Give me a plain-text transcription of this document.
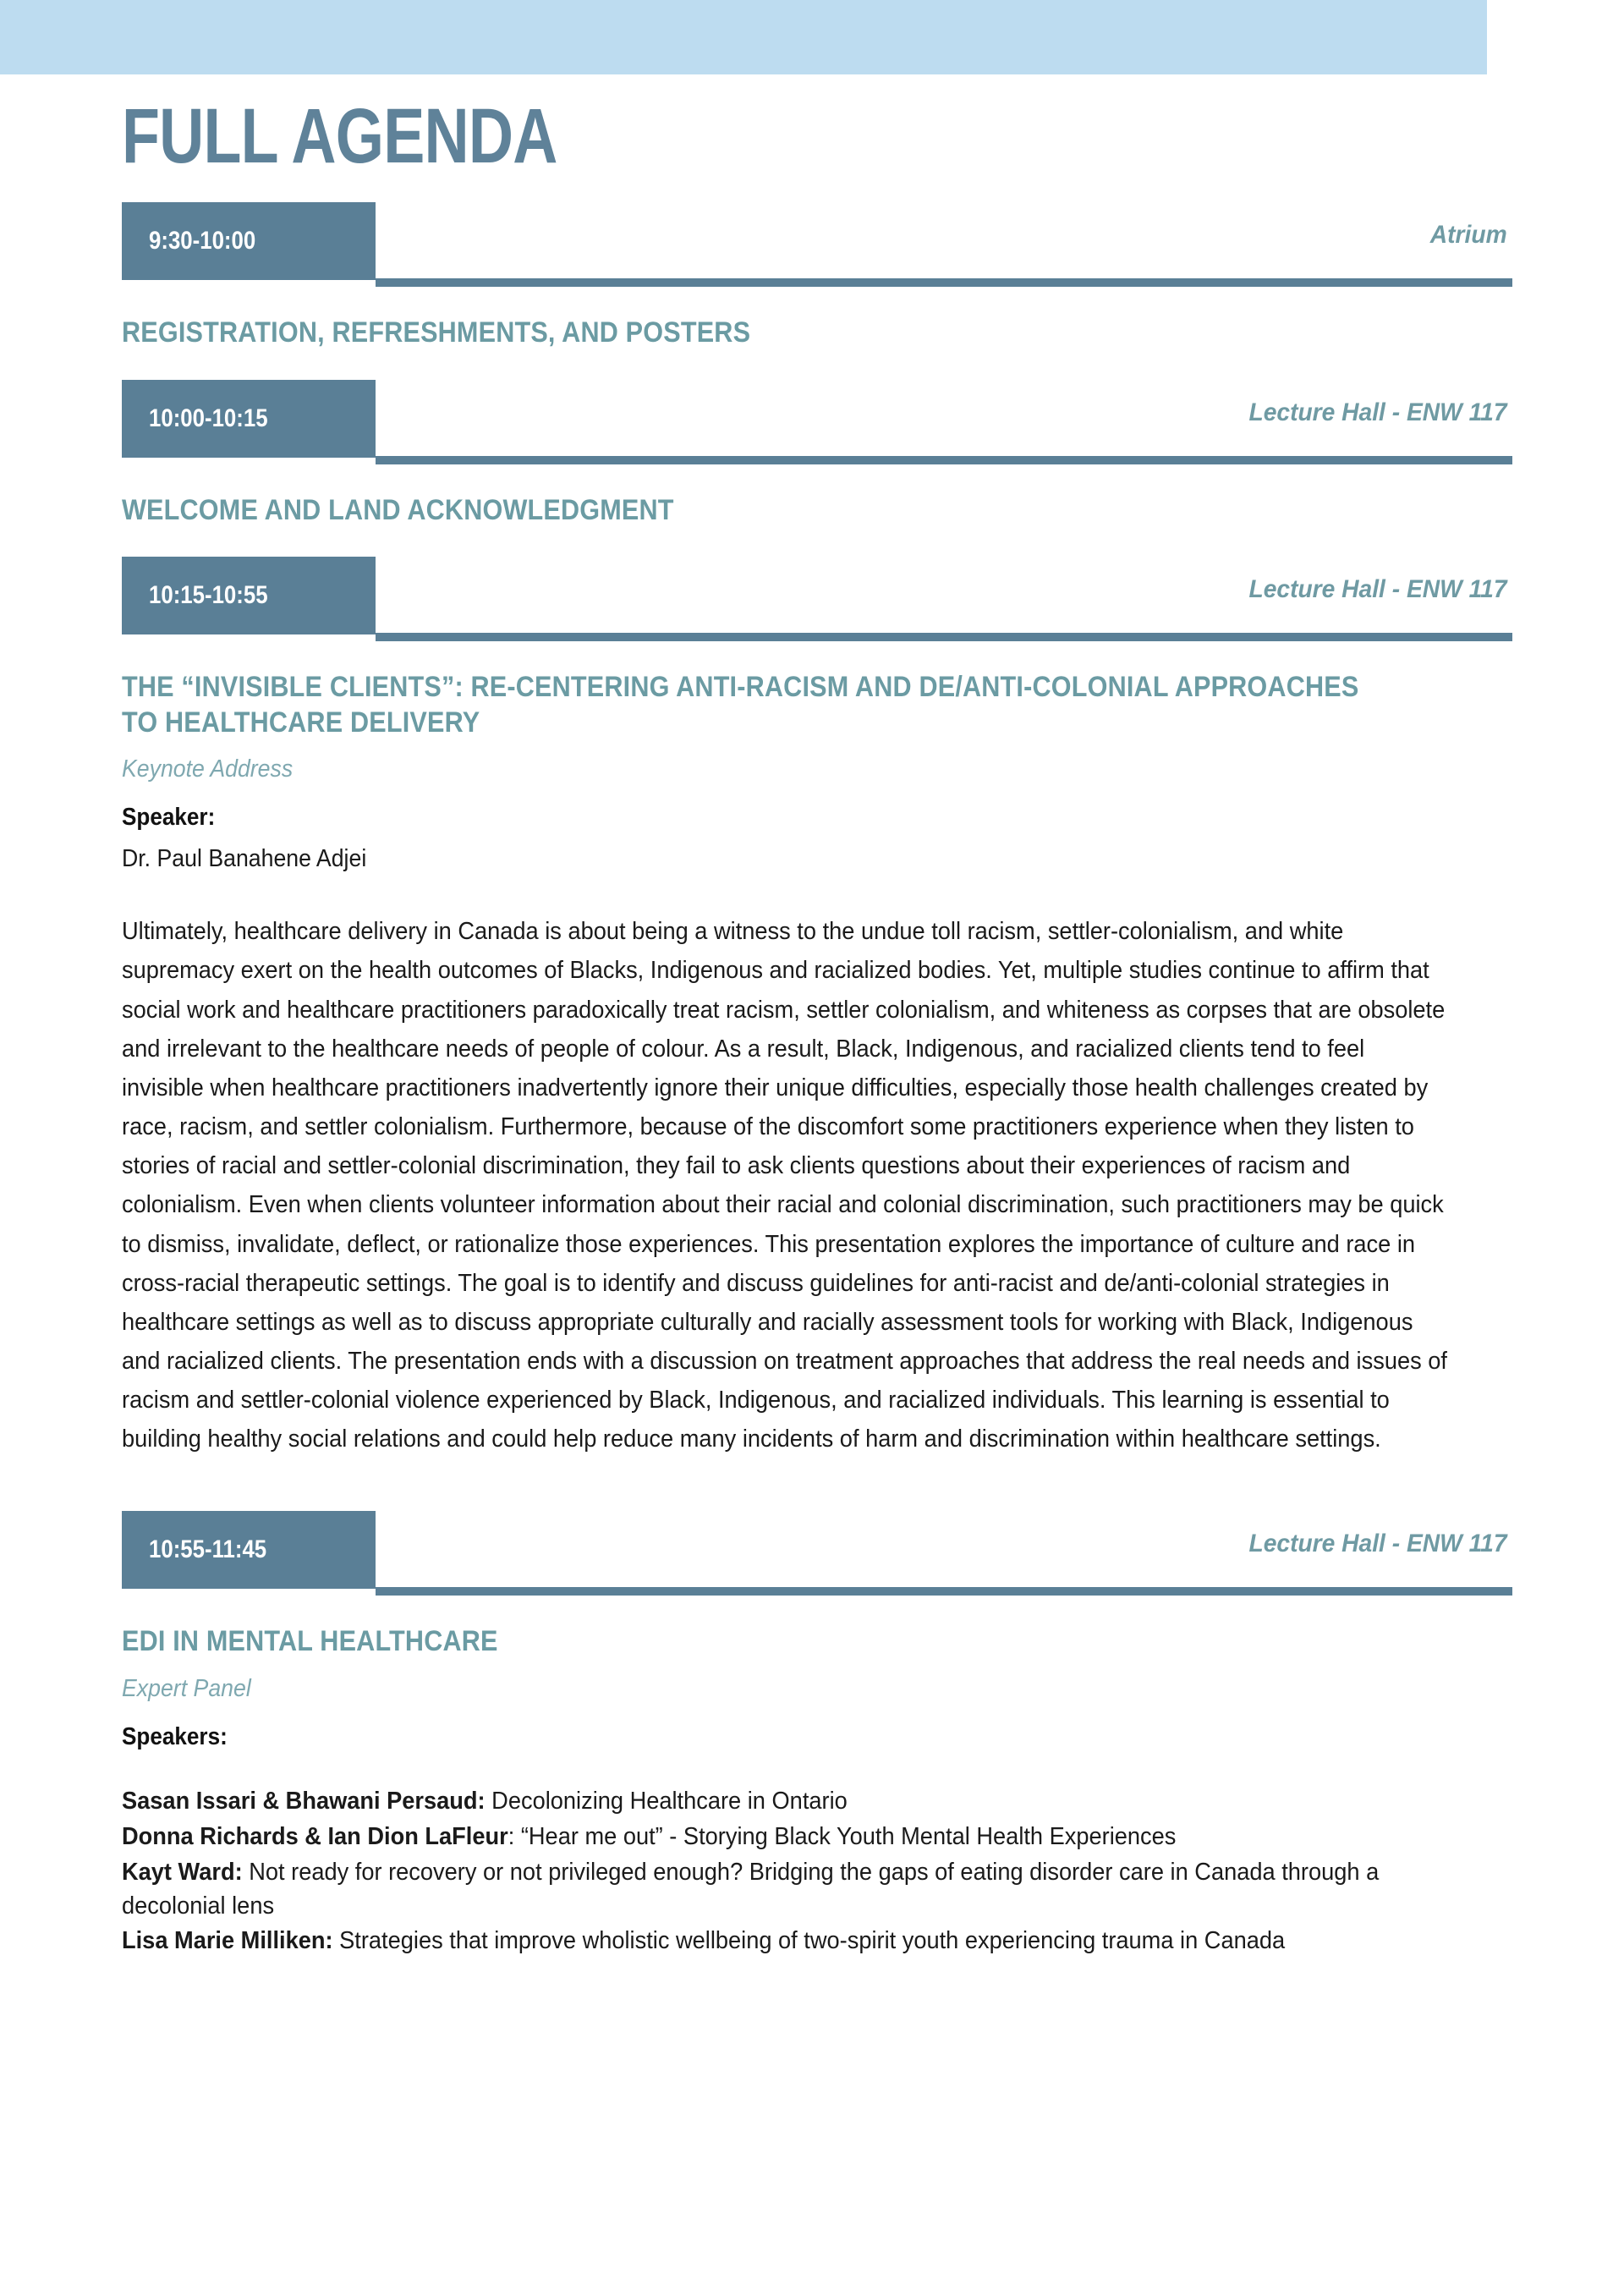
FULL AGENDA
9:30-10:00	Atrium
REGISTRATION, REFRESHMENTS, AND POSTERS
10:00-10:15	Lecture Hall - ENW 117
WELCOME AND LAND ACKNOWLEDGMENT
10:15-10:55	Lecture Hall - ENW 117
THE “INVISIBLE CLIENTS”: RE-CENTERING ANTI-RACISM AND DE/ANTI-COLONIAL APPROACHES TO HEALTHCARE DELIVERY
Keynote Address
Speaker:
Dr. Paul Banahene Adjei
Ultimately, healthcare delivery in Canada is about being a witness to the undue toll racism, settler-colonialism, and white supremacy exert on the health outcomes of Blacks, Indigenous and racialized bodies. Yet, multiple studies continue to affirm that social work and healthcare practitioners paradoxically treat racism, settler colonialism, and whiteness as corpses that are obsolete and irrelevant to the healthcare needs of people of colour. As a result, Black, Indigenous, and racialized clients tend to feel invisible when healthcare practitioners inadvertently ignore their unique difficulties, especially those health challenges created by race, racism, and settler colonialism. Furthermore, because of the discomfort some practitioners experience when they listen to stories of racial and settler-colonial discrimination, they fail to ask clients questions about their experiences of racism and colonialism. Even when clients volunteer information about their racial and colonial discrimination, such practitioners may be quick to dismiss, invalidate, deflect, or rationalize those experiences. This presentation explores the importance of culture and race in cross-racial therapeutic settings. The goal is to identify and discuss guidelines for anti-racist and de/anti-colonial strategies in healthcare settings as well as to discuss appropriate culturally and racially assessment tools for working with Black, Indigenous and racialized clients. The presentation ends with a discussion on treatment approaches that address the real needs and issues of racism and settler-colonial violence experienced by Black, Indigenous, and racialized individuals. This learning is essential to building healthy social relations and could help reduce many incidents of harm and discrimination within healthcare settings.
10:55-11:45	Lecture Hall - ENW 117
EDI IN MENTAL HEALTHCARE
Expert Panel
Speakers:
Sasan Issari & Bhawani Persaud: Decolonizing Healthcare in Ontario
Donna Richards & Ian Dion LaFleur: “Hear me out” - Storying Black Youth Mental Health Experiences
Kayt Ward: Not ready for recovery or not privileged enough? Bridging the gaps of eating disorder care in Canada through a decolonial lens
Lisa Marie Milliken: Strategies that improve wholistic wellbeing of two-spirit youth experiencing trauma in Canada
